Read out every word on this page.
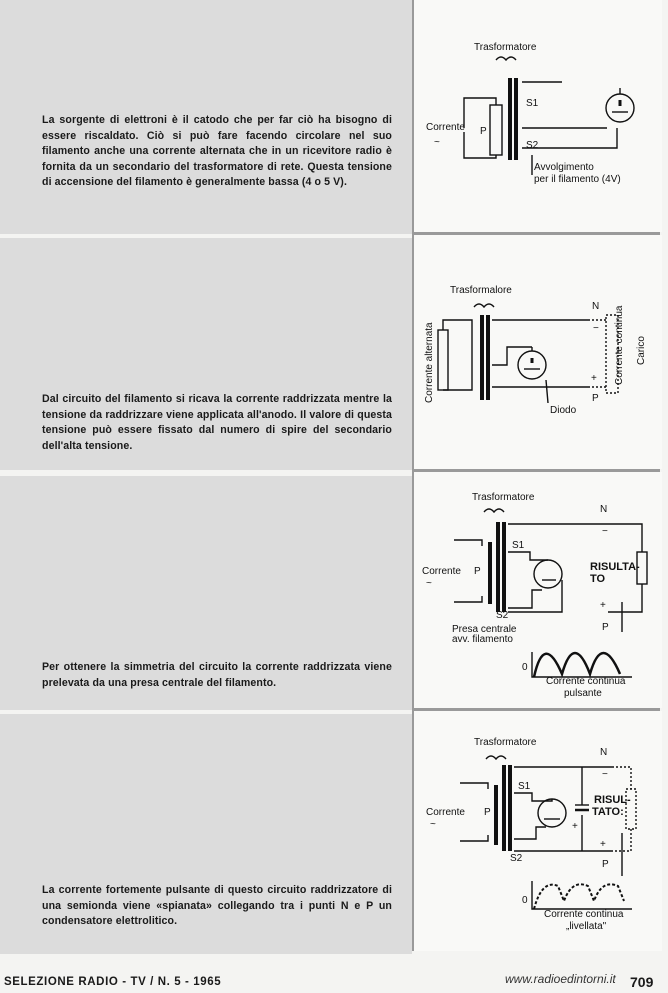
La sorgente di elettroni è il catodo che per far ciò ha bisogno di essere riscaldato. Ciò si può fare facendo circolare nel suo filamento anche una corrente alternata che in un ricevitore radio è fornita da un secondario del trasformatore di rete. Questa tensione di accensione del filamento è generalmente bassa (4 o 5 V).

Dal circuito del filamento si ricava la corrente raddrizzata mentre la tensione da raddrizzare viene applicata all'anodo. Il valore di questa tensione può essere fissato dal numero di spire del secondario dell'alta tensione.

Per ottenere la simmetria del circuito la corrente raddrizzata viene prelevata da una presa centrale del filamento.

La corrente fortemente pulsante di questo circuito raddrizzatore di una semionda viene «spianata» collegando tra i punti N e P un condensatore elettrolitico.

Trasformatore
Corrente
~
P
S1
S2
Avvolgimento
per il filamento (4V)
Trasformalore
Corrente alternata
N
−
+
P
Corrente continua Carico
Diodo
Trasformatore
Corrente
~
P
S1
S2
N
−
+
P
RISULTA-
TO
Presa centrale
avv. filamento
0
Corrente continua
pulsante
Trasformatore
Corrente
~
P
S1
S2
+
N
−
+
P
RISUL-
TATO:
0
Corrente continua
„livellata"
SELEZIONE RADIO - TV / N. 5 - 1965	www.radioedintorni.it 709
